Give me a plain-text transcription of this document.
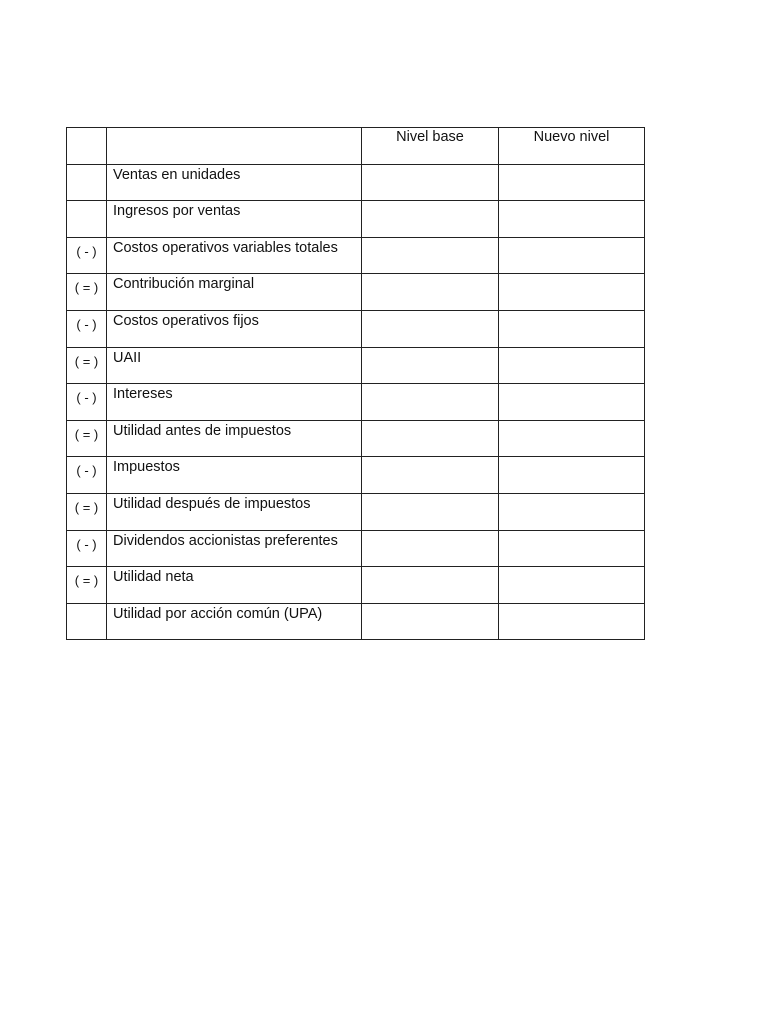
		Nivel base	Nuevo nivel
	Ventas en unidades		
	Ingresos por ventas		
( - )	Costos operativos variables totales		
( = )	Contribución marginal		
( - )	Costos operativos fijos		
( = )	UAII		
( - )	Intereses		
( = )	Utilidad antes de impuestos		
( - )	Impuestos		
( = )	Utilidad después de impuestos		
( - )	Dividendos accionistas preferentes		
( = )	Utilidad neta		
	Utilidad por acción común (UPA)		
